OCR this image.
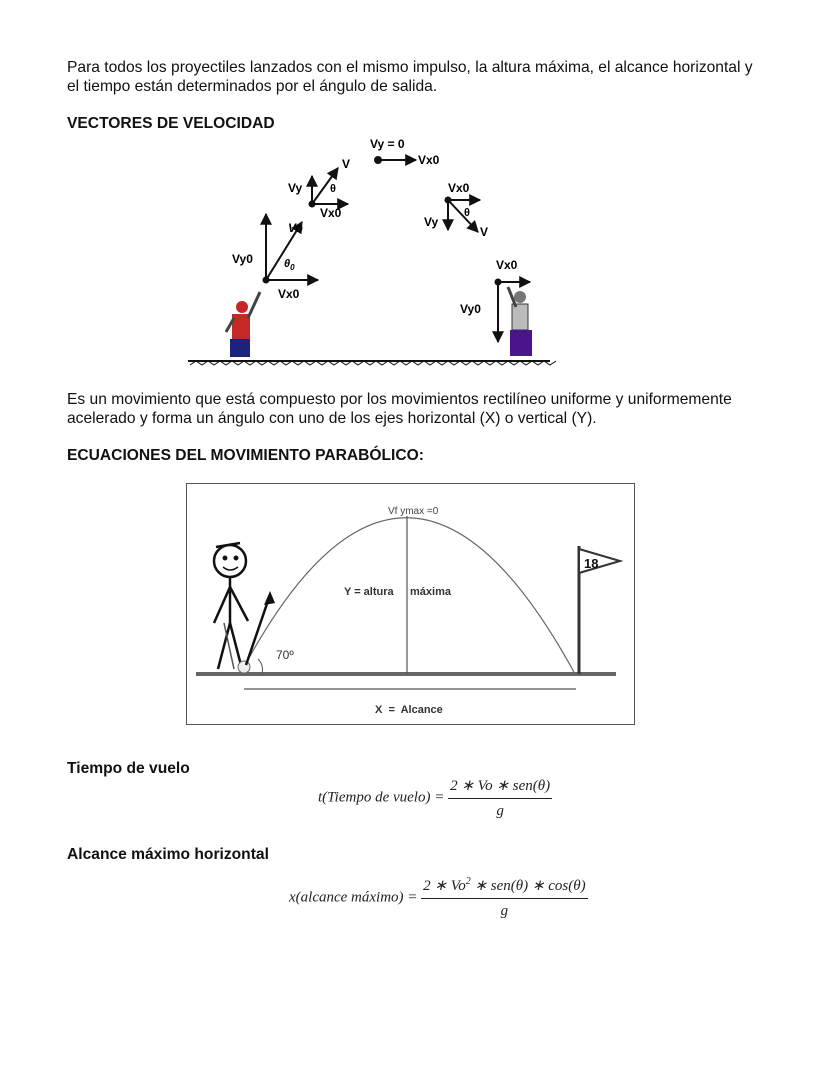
Para todos los proyectiles lanzados con el mismo impulso, la altura máxima, el alcance horizontal y el tiempo están determinados por el ángulo de salida.

VECTORES DE VELOCIDAD

Vy0
Vo
$\theta_0$
Vx0
Vy
V
θ
Vx0
Vy = 0
Vx0
Vx0
Vy
V
θ
Vx0
Vy0

Es un movimiento que está compuesto por los movimientos rectilíneo uniforme y uniformemente acelerado y forma un ángulo con uno de los ejes horizontal (X) o vertical (Y).

ECUACIONES DEL MOVIMIENTO PARABÓLICO:

Vf ymax =0
Y = altura máxima
70º
18
X  =  Alcance

Tiempo de vuelo

t(Tiempo de vuelo) = $\frac{\text{2 ∗ Vo ∗ sen(θ)}}{g}$

Alcance máximo horizontal

x(alcance máximo) = $\frac{2 ∗ Vo^2 ∗ sen(\theta) ∗ \cos(\theta)}{g}$
